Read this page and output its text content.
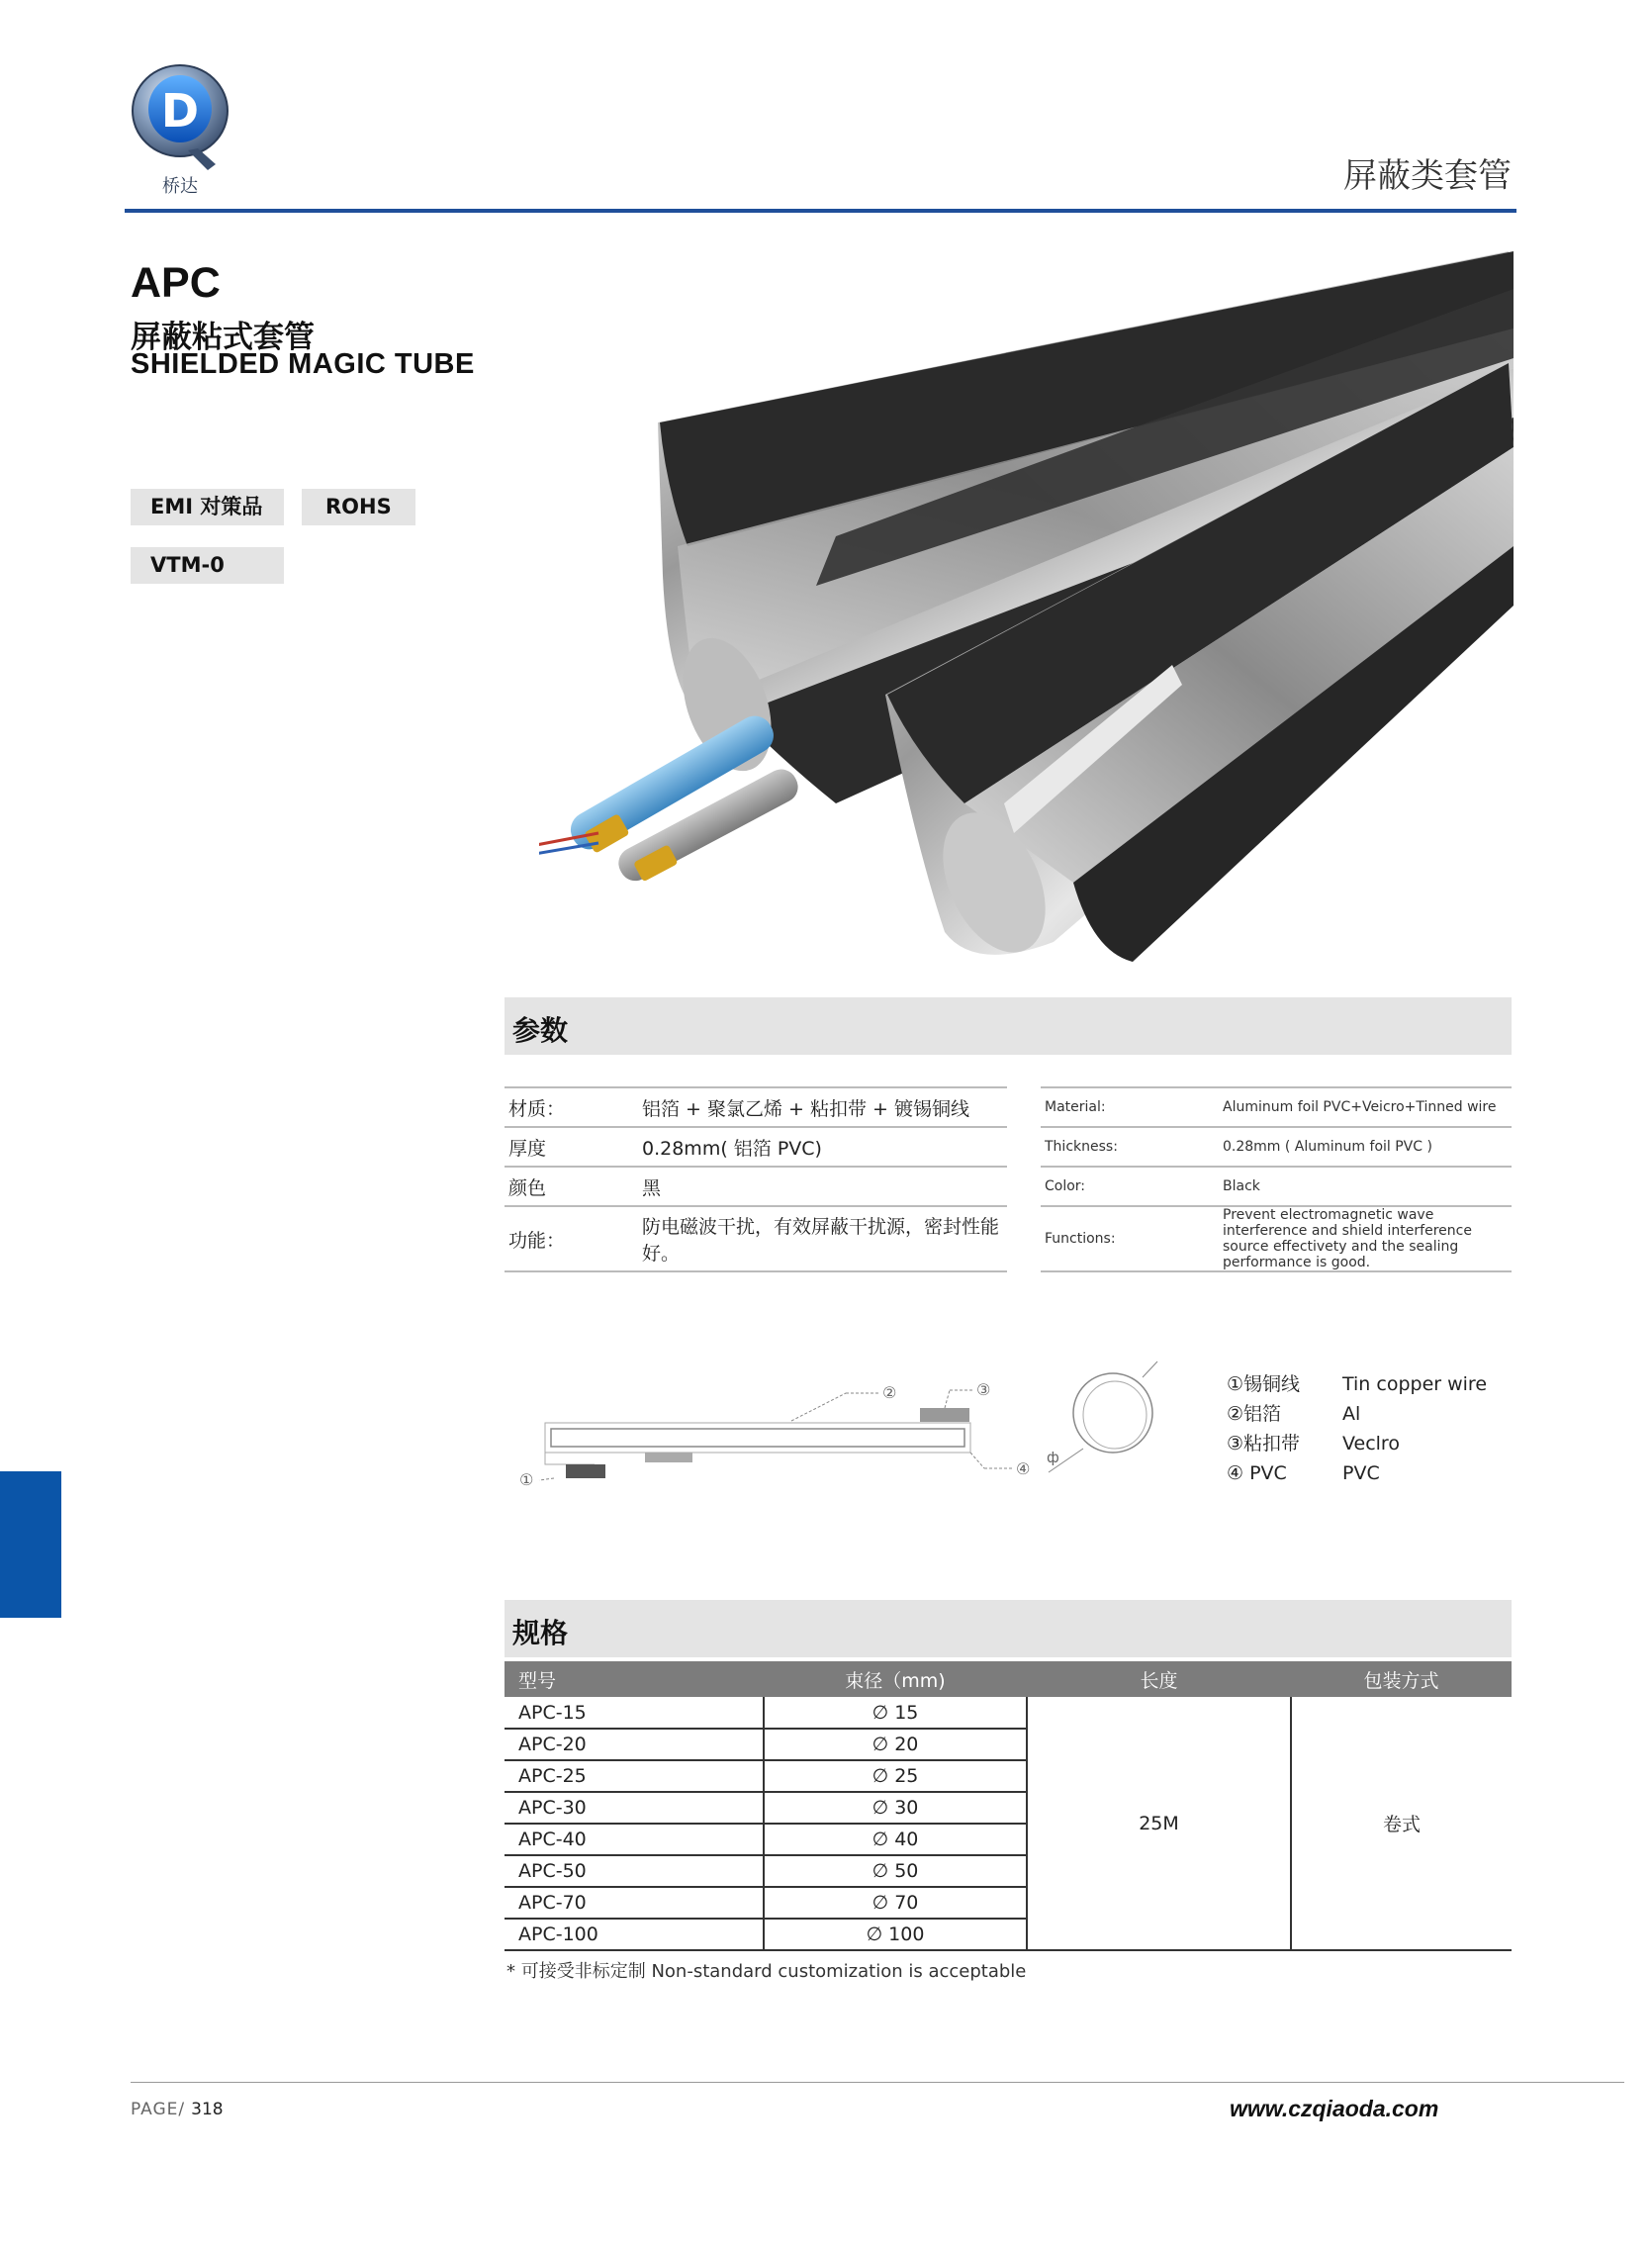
D
桥达	屏蔽类套管
APC
屏蔽粘式套管
SHIELDED MAGIC TUBE
EMI 对策品	ROHS
VTM-0
参数
材质：	铝箔 + 聚氯乙烯 + 粘扣带 + 镀锡铜线
厚度	0.28mm( 铝箔 PVC)
颜色	黑
功能：	防电磁波干扰，有效屏蔽干扰源，密封性能好。
Material:	Aluminum foil PVC+Veicro+Tinned wire
Thickness:	0.28mm ( Aluminum foil PVC )
Color:	Black
Functions:	Prevent electromagnetic wave interference and shield interference source effectivety and the sealing performance is good.
①
②	③
④
ф
①锡铜线	Tin copper wire
②铝箔	Al
③粘扣带	Veclro
④ PVC	PVC
规格
型号	束径（mm)	长度	包装方式
APC-15	∅ 15	25M	卷式
APC-20	∅ 20		
APC-25	∅ 25		
APC-30	∅ 30		
APC-40	∅ 40		
APC-50	∅ 50		
APC-70	∅ 70		
APC-100	∅ 100		
* 可接受非标定制 Non-standard customization is acceptable
PAGE/ 318	www.czqiaoda.com
